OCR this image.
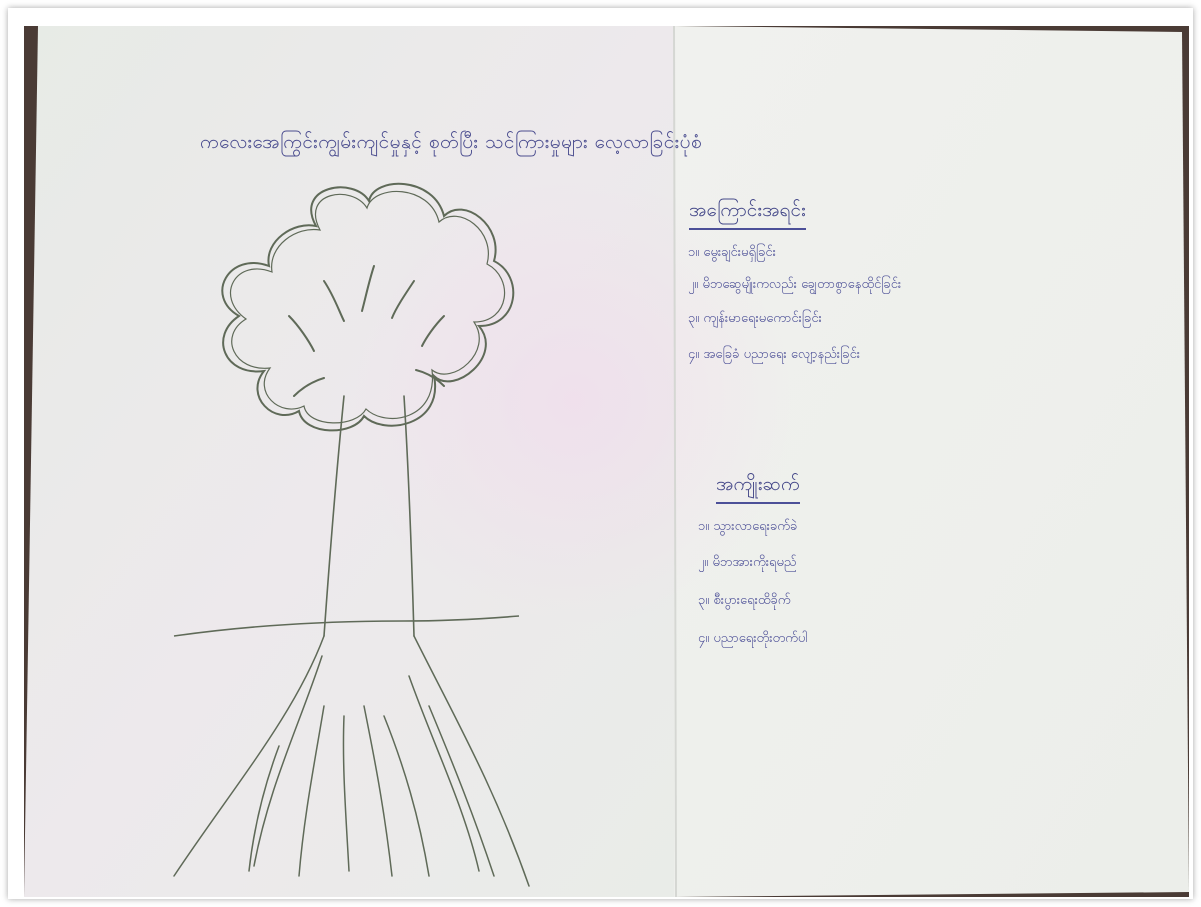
ကလေးအေကြွင်းကျွမ်းကျင်မှုနှင့် စုတ်ပြီး သင်ကြားမှုများ လေ့လာခြင်းပုံစံ
အကြောင်းအရင်း
၁။ မွေးချင်းမရှိခြင်း
၂။ မိဘဆွေမျိုးကလည်း ချွေတာစွာနေထိုင်ခြင်း
၃။ ကျန်းမာရေးမကောင်းခြင်း
၄။ အခြေခံ ပညာရေး လျော့နည်းခြင်း
အကျိုးဆက်
၁။ သွားလာရေးခက်ခဲ
၂။ မိဘအားကိုးရမည်
၃။ စီးပွားရေးထိခိုက်
၄။ ပညာရေးတိုးတက်ပါ
